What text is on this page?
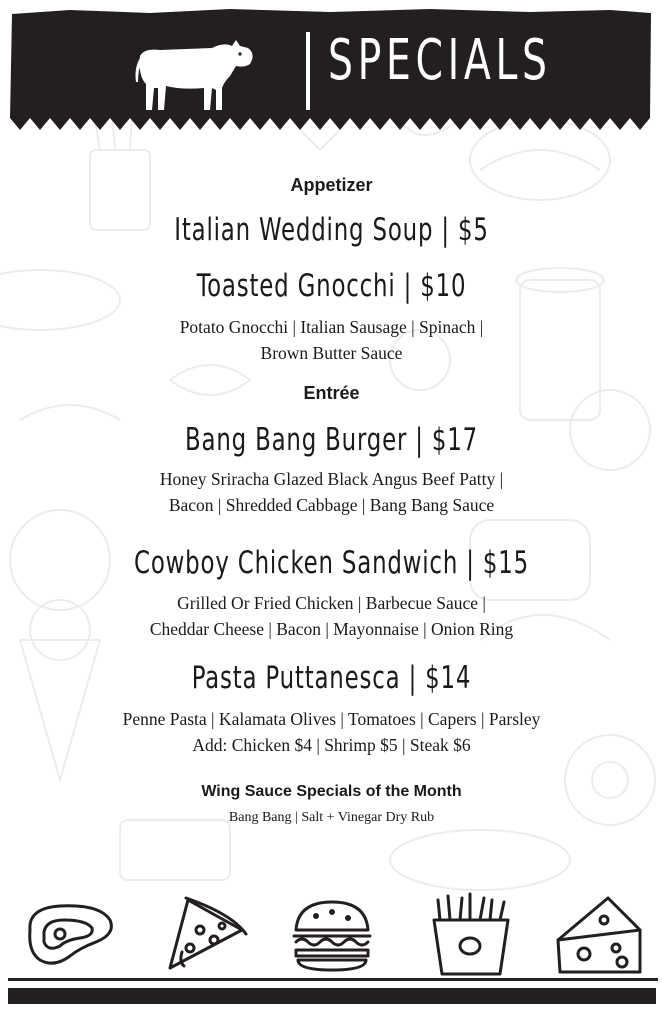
SPECIALS
Appetizer
Italian Wedding Soup | $5
Toasted Gnocchi | $10
Potato Gnocchi | Italian Sausage | Spinach |
Brown Butter Sauce
Entrée
Bang Bang Burger | $17
Honey Sriracha Glazed Black Angus Beef Patty |
Bacon | Shredded Cabbage | Bang Bang Sauce
Cowboy Chicken Sandwich | $15
Grilled Or Fried Chicken | Barbecue Sauce |
Cheddar Cheese | Bacon | Mayonnaise | Onion Ring
Pasta Puttanesca | $14
Penne Pasta | Kalamata Olives | Tomatoes | Capers | Parsley
Add: Chicken $4 | Shrimp $5 | Steak $6
Wing Sauce Specials of the Month
Bang Bang | Salt + Vinegar Dry Rub
